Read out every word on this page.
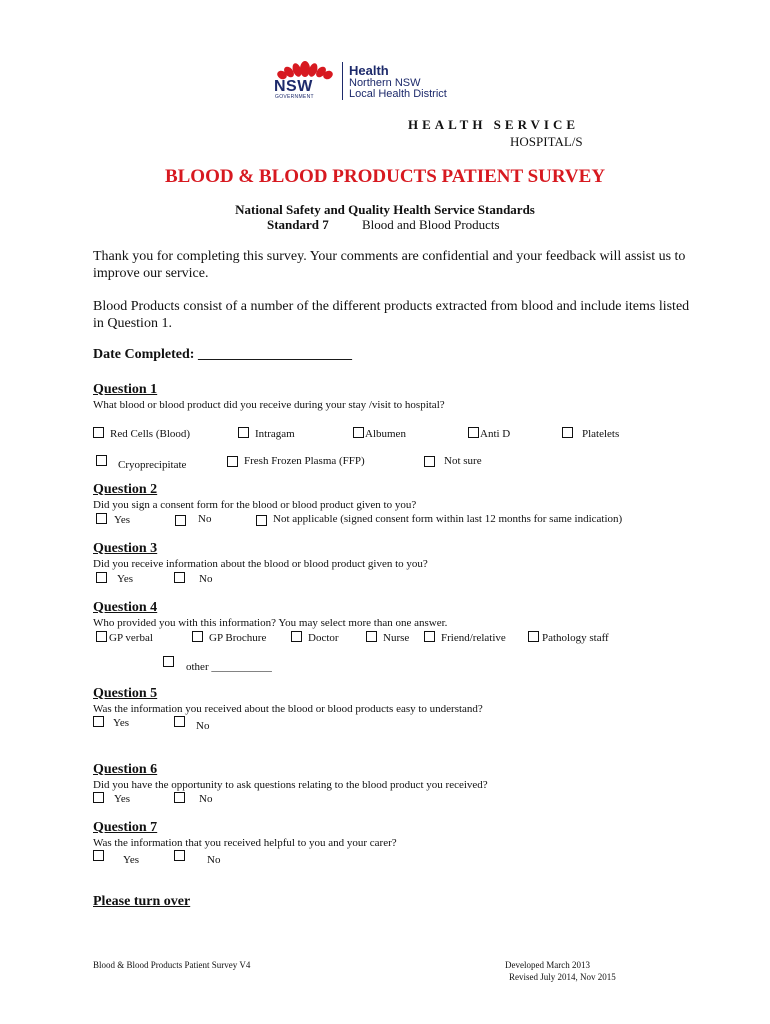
NSW
GOVERNMENT
Health
Northern NSW
Local Health District
HEALTH SERVICE
HOSPITAL/S
BLOOD & BLOOD PRODUCTS PATIENT SURVEY
National Safety and Quality Health Service Standards
Standard 7	Blood and Blood Products
Thank you for completing this survey. Your comments are confidential and your feedback will assist us to improve our service.
Blood Products consist of a number of the different products extracted from blood and include items listed in Question 1.
Date Completed: ______________________
Question 1
What blood or blood product did you receive during your stay /visit to hospital?
Red Cells (Blood)	Intragam	Albumen	Anti D	Platelets
Cryoprecipitate	Fresh Frozen Plasma (FFP)	Not sure
Question 2
Did you sign a consent form for the blood or blood product given to you?
Yes	No	Not applicable (signed consent form within last 12 months for same indication)
Question 3
Did you receive information about the blood or blood product given to you?
Yes	No
Question 4
Who provided you with this information? You may select more than one answer.
GP verbal	GP Brochure	Doctor	Nurse	Friend/relative	Pathology staff
other ___________
Question 5
Was the information you received about the blood or blood products easy to understand?
Yes	No
Question 6
Did you have the opportunity to ask questions relating to the blood product you received?
Yes	No
Question 7
Was the information that you received helpful to you and your carer?
Yes	No
Please turn over
Blood & Blood Products Patient Survey V4	Developed March 2013
Revised July 2014, Nov 2015
